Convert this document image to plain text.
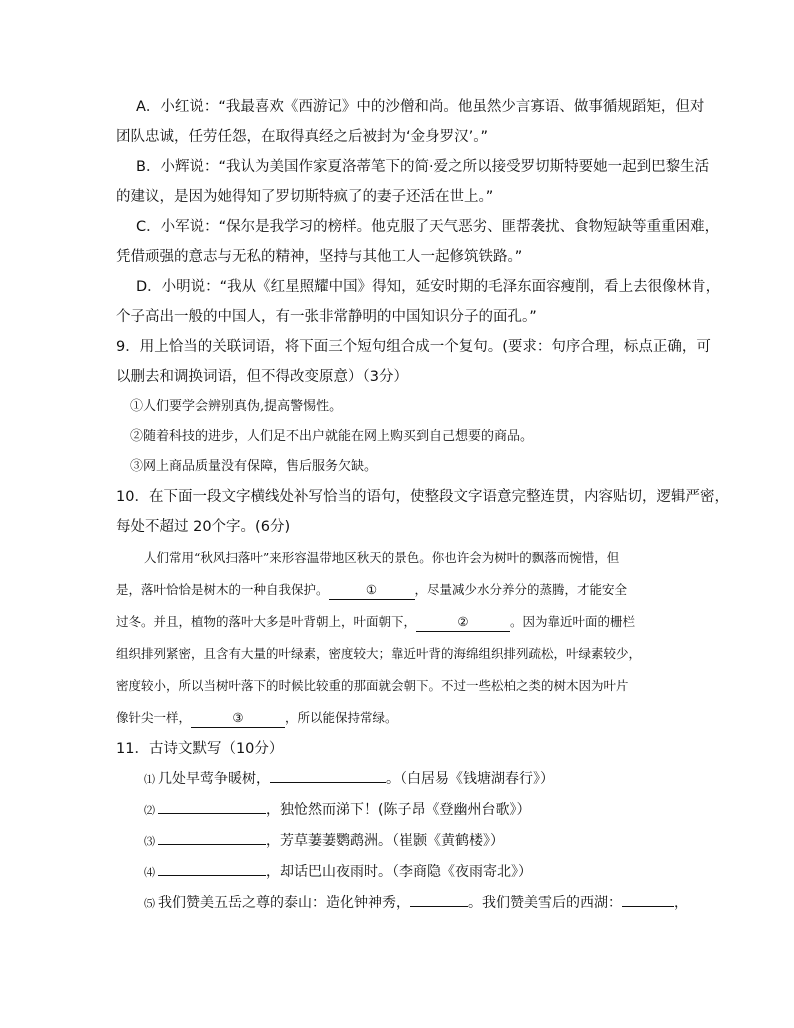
A．小红说：“我最喜欢《西游记》中的沙僧和尚。他虽然少言寡语、做事循规蹈矩，但对
团队忠诚，任劳任怨，在取得真经之后被封为‘金身罗汉’。”
B．小辉说：“我认为美国作家夏洛蒂笔下的简·爱之所以接受罗切斯特要她一起到巴黎生活
的建议，是因为她得知了罗切斯特疯了的妻子还活在世上。”
C．小军说：“保尔是我学习的榜样。他克服了天气恶劣、匪帮袭扰、食物短缺等重重困难，
凭借顽强的意志与无私的精神，坚持与其他工人一起修筑铁路。”
D．小明说：“我从《红星照耀中国》得知，延安时期的毛泽东面容瘦削，看上去很像林肯，
个子高出一般的中国人，有一张非常静明的中国知识分子的面孔。”
9．用上恰当的关联词语，将下面三个短句组合成一个复句。(要求：句序合理，标点正确，可
以删去和调换词语，但不得改变原意）（3分）
①人们要学会辨别真伪,提高警惕性。
②随着科技的进步，人们足不出户就能在网上购买到自己想要的商品。
③网上商品质量没有保障，售后服务欠缺。
10．在下面一段文字横线处补写恰当的语句，使整段文字语意完整连贯，内容贴切，逻辑严密，
每处不超过 20个字。(6分)
人们常用“秋风扫落叶”来形容温带地区秋天的景色。你也许会为树叶的飘落而惋惜，但
是，落叶恰恰是树木的一种自我保护。	①	，尽量减少水分养分的蒸腾，才能安全
过冬。并且，植物的落叶大多是叶背朝上，叶面朝下，	②	。因为靠近叶面的栅栏
组织排列紧密，且含有大量的叶绿素，密度较大；靠近叶背的海绵组织排列疏松，叶绿素较少，
密度较小，所以当树叶落下的时候比较重的那面就会朝下。不过一些松柏之类的树木因为叶片
像针尖一样，	③	，所以能保持常绿。
11．古诗文默写（10分）
⑴ 几处早莺争暖树，	。（白居易《钱塘湖春行》）
⑵	，独怆然而涕下！(陈子昂《登幽州台歌》）
⑶	，芳草萋萋鹦鹉洲。（崔颢《黄鹤楼》）
⑷	，却话巴山夜雨时。（李商隐《夜雨寄北》）
⑸ 我们赞美五岳之尊的泰山：造化钟神秀，	。我们赞美雪后的西湖：	，
